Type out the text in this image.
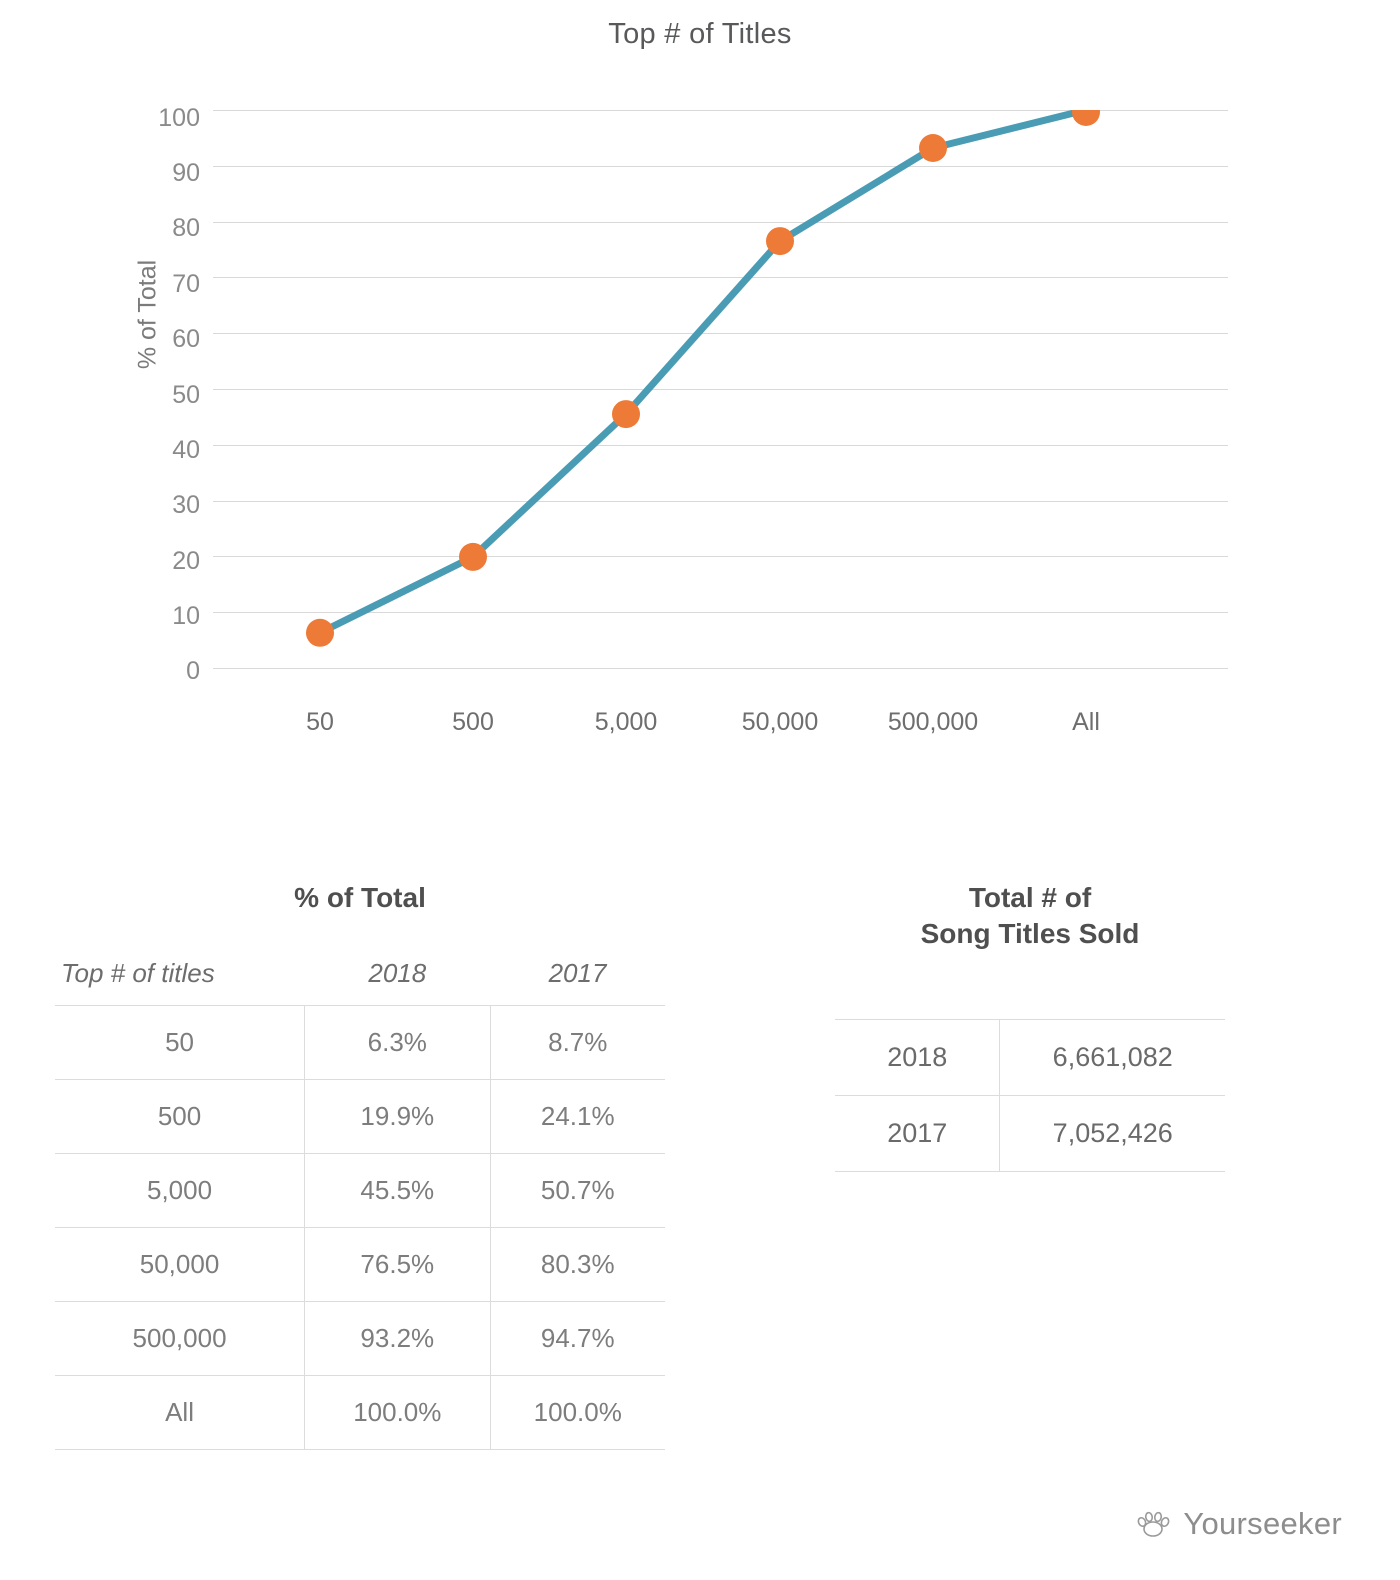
Top # of Titles
% of Total
100
90
80
70
60
50
40
30
20
10
0
50	500	5,000	50,000	500,000	All
% of Total
Top # of titles	2018	2017
50	6.3%	8.7%
500	19.9%	24.1%
5,000	45.5%	50.7%
50,000	76.5%	80.3%
500,000	93.2%	94.7%
All	100.0%	100.0%
Total # of
Song Titles Sold
2018	6,661,082
2017	7,052,426
Yourseeker
